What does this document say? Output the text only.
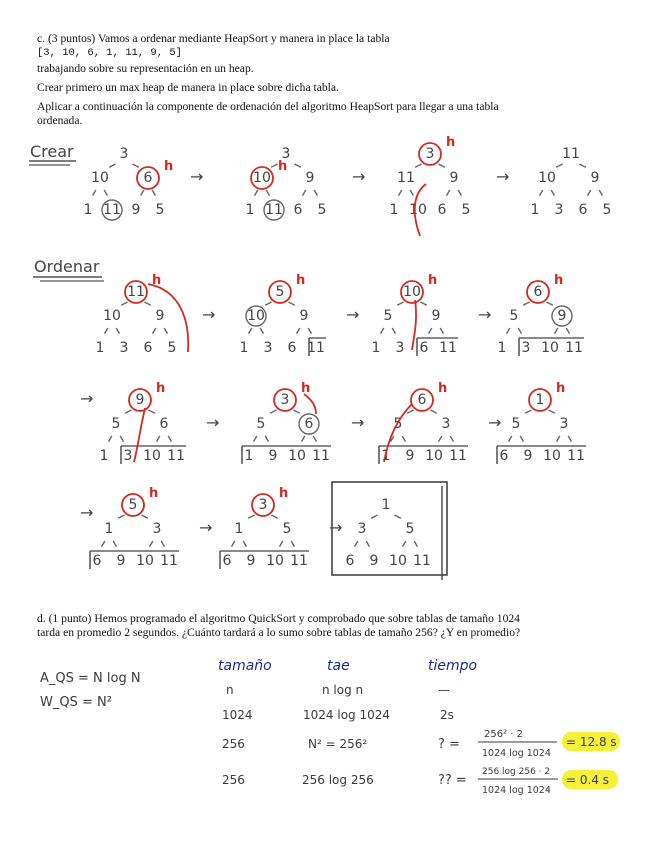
c. (3 puntos) Vamos a ordenar mediante HeapSort y manera in place la tabla
[3, 10, 6, 1, 11, 9, 5]
trabajando sobre su representación en un heap.
Crear primero un max heap de manera in place sobre dicha tabla.
Aplicar a continuación la componente de ordenación del algoritmo HeapSort para llegar a una tabla
ordenada.
d. (1 punto) Hemos programado el algoritmo QuickSort y comprobado que sobre tablas de tamaño 1024
tarda en promedio 2 segundos. ¿Cuánto tardará a lo sumo sobre tablas de tamaño 256? ¿Y en promedio?
Crear
Ordenar
3
10 6
1 11 9 5
h
→
3
10 9
1 11 6 5
h
→
3
11 9
1 10 6 5
h
→
11
10 9
1 3 6 5
11
10 9
1 3 6 5
h
→
5
10 9
1 3 6 11
h
→
10
5	9
1 3 6 11
h
→
6
5	9
1 3 10 11
h
9
5	6
1 3 10 11
h
→
3
5	6
1 9 10 11
h
→
6
5	3
1 9 10 11
h
→
1
5	3
6 9 10 11
h
5
1	3
6 9 10 11
h
→
3
1	5
6 9 10 11
h
→
1
3	5
6 9 10 11
→
→
A_QS = N log N
W_QS = N²
tamaño	tae	tiempo
n	n log n	—
1024	1024 log 1024	2s
256	N² = 256²	? =
256² · 2
1024 log 1024
= 12.8 s
256	256 log 256	?? =
256 log 256 · 2
1024 log 1024
= 0.4 s
